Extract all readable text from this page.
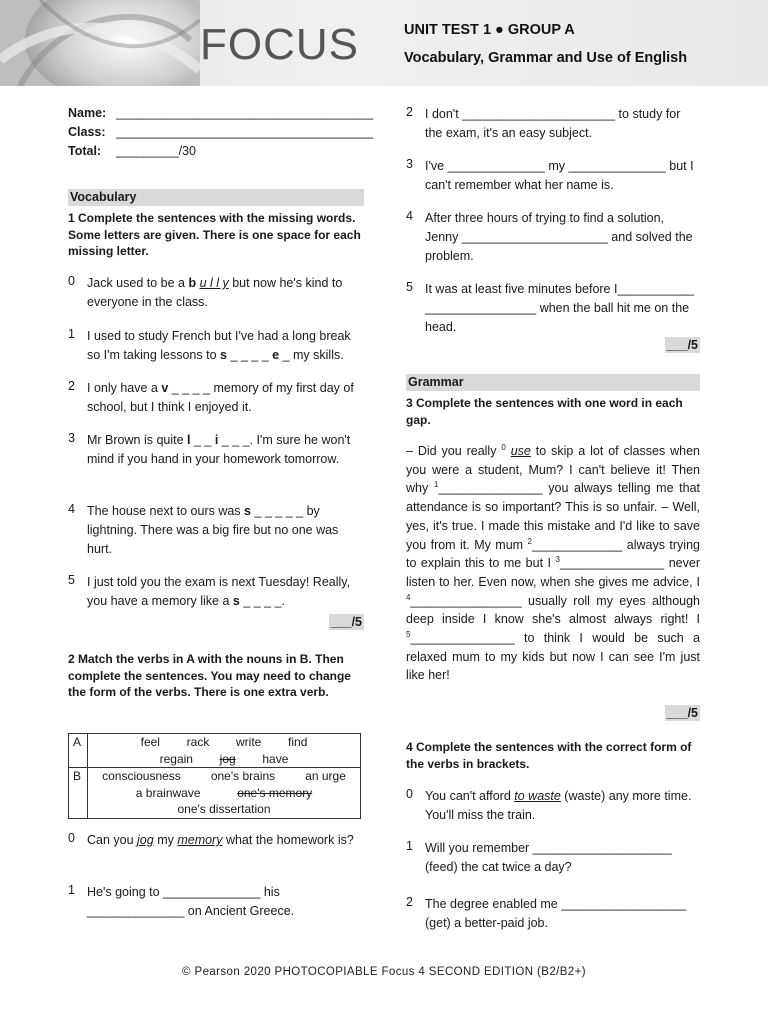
FOCUS	UNIT TEST 1 ● GROUP A
Vocabulary, Grammar and Use of English
Name: _____________________________________
Class: _____________________________________
Total: _________/30
Vocabulary
1 Complete the sentences with the missing words. Some letters are given. There is one space for each missing letter.
0 Jack used to be a b u l l y but now he's kind to everyone in the class.
1 I used to study French but I've had a long break so I'm taking lessons to s _ _ _ _ e _ my skills.
2 I only have a v _ _ _ _ memory of my first day of school, but I think I enjoyed it.
3 Mr Brown is quite l _ _ i _ _ _. I'm sure he won't mind if you hand in your homework tomorrow.
4 The house next to ours was s _ _ _ _ _ by lightning. There was a big fire but no one was hurt.
5 I just told you the exam is next Tuesday! Really, you have a memory like a s _ _ _ _.
___/5
2 Match the verbs in A with the nouns in B. Then complete the sentences. You may need to change the form of the verbs. There is one extra verb.
A	feel rack write find
regain jog have

B	consciousness one's brains an urge
a brainwave one's memory
one's dissertation
0 Can you jog my memory what the homework is?
1 He's going to ______________ his ______________ on Ancient Greece.
2 I don't ______________________ to study for the exam, it's an easy subject.
3 I've ______________ my ______________ but I can't remember what her name is.
4 After three hours of trying to find a solution, Jenny _____________________ and solved the problem.
5 It was at least five minutes before I___________ ________________ when the ball hit me on the head.
___/5
Grammar
3 Complete the sentences with one word in each gap.
– Did you really $^0$ use to skip a lot of classes when you were a student, Mum? I can't believe it! Then why $^1$_______________ you always telling me that attendance is so important? This is so unfair. – Well, yes, it's true. I made this mistake and I'd like to save you from it. My mum $^2$_____________ always trying to explain this to me but I $^3$_______________ never listen to her. Even now, when she gives me advice, I $^4$________________ usually roll my eyes although deep inside I know she's almost always right! I $^5$_______________ to think I would be such a relaxed mum to my kids but now I can see I'm just like her!
___/5
4 Complete the sentences with the correct form of the verbs in brackets.
0 You can't afford to waste (waste) any more time. You'll miss the train.
1 Will you remember ____________________ (feed) the cat twice a day?
2 The degree enabled me __________________ (get) a better-paid job.
© Pearson 2020 PHOTOCOPIABLE Focus 4 SECOND EDITION (B2/B2+)
